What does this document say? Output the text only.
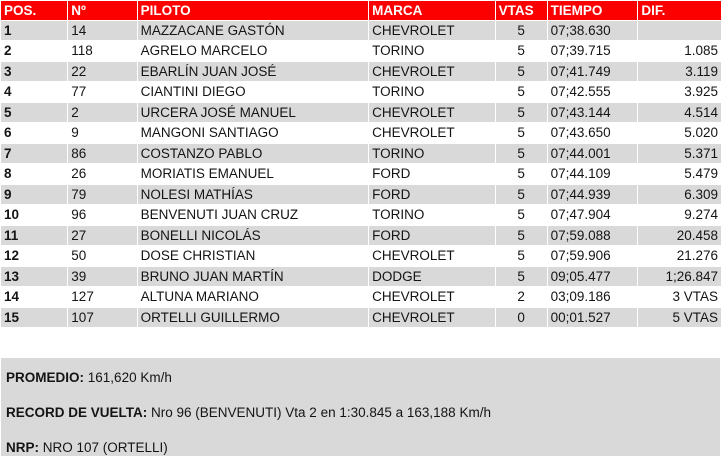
POS.	Nº	PILOTO	MARCA	VTAS	TIEMPO	DIF.
1	14	MAZZACANE GASTÓN	CHEVROLET	5	07;38.630	
2	118	AGRELO MARCELO	TORINO	5	07;39.715	1.085
3	22	EBARLÍN JUAN JOSÉ	CHEVROLET	5	07;41.749	3.119
4	77	CIANTINI DIEGO	TORINO	5	07;42.555	3.925
5	2	URCERA JOSÉ MANUEL	CHEVROLET	5	07;43.144	4.514
6	9	MANGONI SANTIAGO	CHEVROLET	5	07;43.650	5.020
7	86	COSTANZO PABLO	TORINO	5	07;44.001	5.371
8	26	MORIATIS EMANUEL	FORD	5	07;44.109	5.479
9	79	NOLESI MATHÍAS	FORD	5	07;44.939	6.309
10	96	BENVENUTI JUAN CRUZ	TORINO	5	07;47.904	9.274
11	27	BONELLI NICOLÁS	FORD	5	07;59.088	20.458
12	50	DOSE CHRISTIAN	CHEVROLET	5	07;59.906	21.276
13	39	BRUNO JUAN MARTÍN	DODGE	5	09;05.477	1;26.847
14	127	ALTUNA MARIANO	CHEVROLET	2	03;09.186	3 VTAS
15	107	ORTELLI GUILLERMO	CHEVROLET	0	00;01.527	5 VTAS

PROMEDIO: 161,620 Km/h

RECORD DE VUELTA: Nro 96 (BENVENUTI) Vta 2 en 1:30.845 a 163,188 Km/h

NRP: NRO 107 (ORTELLI)
